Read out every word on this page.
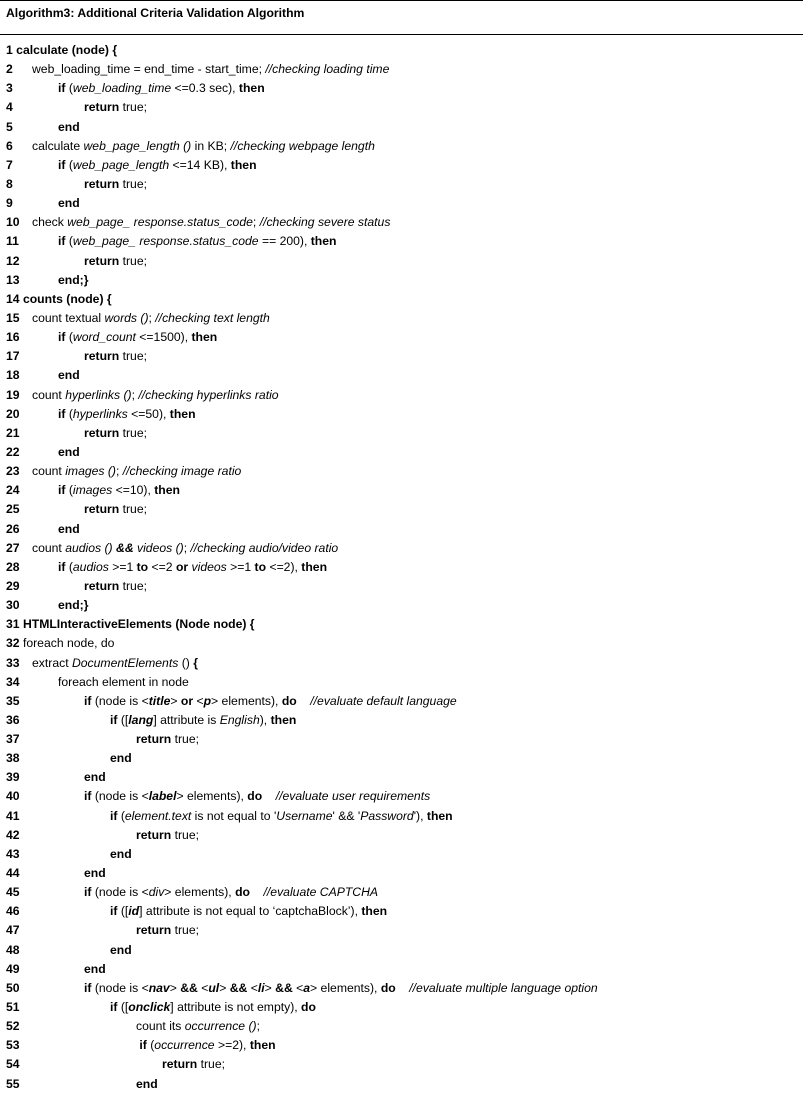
Algorithm3: Additional Criteria Validation Algorithm
1 calculate (node) {
2 web_loading_time = end_time - start_time; //checking loading time
3	if (web_loading_time <=0.3 sec), then
4	return true;
5	end
6 calculate web_page_length () in KB; //checking webpage length
7	if (web_page_length <=14 KB), then
8	return true;
9	end
10 check web_page_ response.status_code; //checking severe status
11	if (web_page_ response.status_code == 200), then
12	return true;
13	end;}
14 counts (node) {
15 count textual words (); //checking text length
16	if (word_count <=1500), then
17	return true;
18	end
19 count hyperlinks (); //checking hyperlinks ratio
20	if (hyperlinks <=50), then
21	return true;
22	end
23 count images (); //checking image ratio
24	if (images <=10), then
25	return true;
26	end
27 count audios () && videos (); //checking audio/video ratio
28	if (audios >=1 to <=2 or videos >=1 to <=2), then
29	return true;
30	end;}
31 HTMLInteractiveElements (Node node) {
32 foreach node, do
33 extract DocumentElements () {
34	foreach element in node
35	if (node is <title> or <p> elements), do //evaluate default language
36	if ([lang] attribute is English), then
37	return true;
38	end
39	end
40	if (node is <label> elements), do //evaluate user requirements
41	if (element.text is not equal to 'Username' && 'Password'), then
42	return true;
43	end
44	end
45	if (node is <div> elements), do //evaluate CAPTCHA
46	if ([id] attribute is not equal to ‘captchaBlock’), then
47	return true;
48	end
49	end
50	if (node is <nav> && <ul> && <li> && <a> elements), do //evaluate multiple language option
51	if ([onclick] attribute is not empty), do
52	count its occurrence ();
53	if (occurrence >=2), then
54	return true;
55	end
